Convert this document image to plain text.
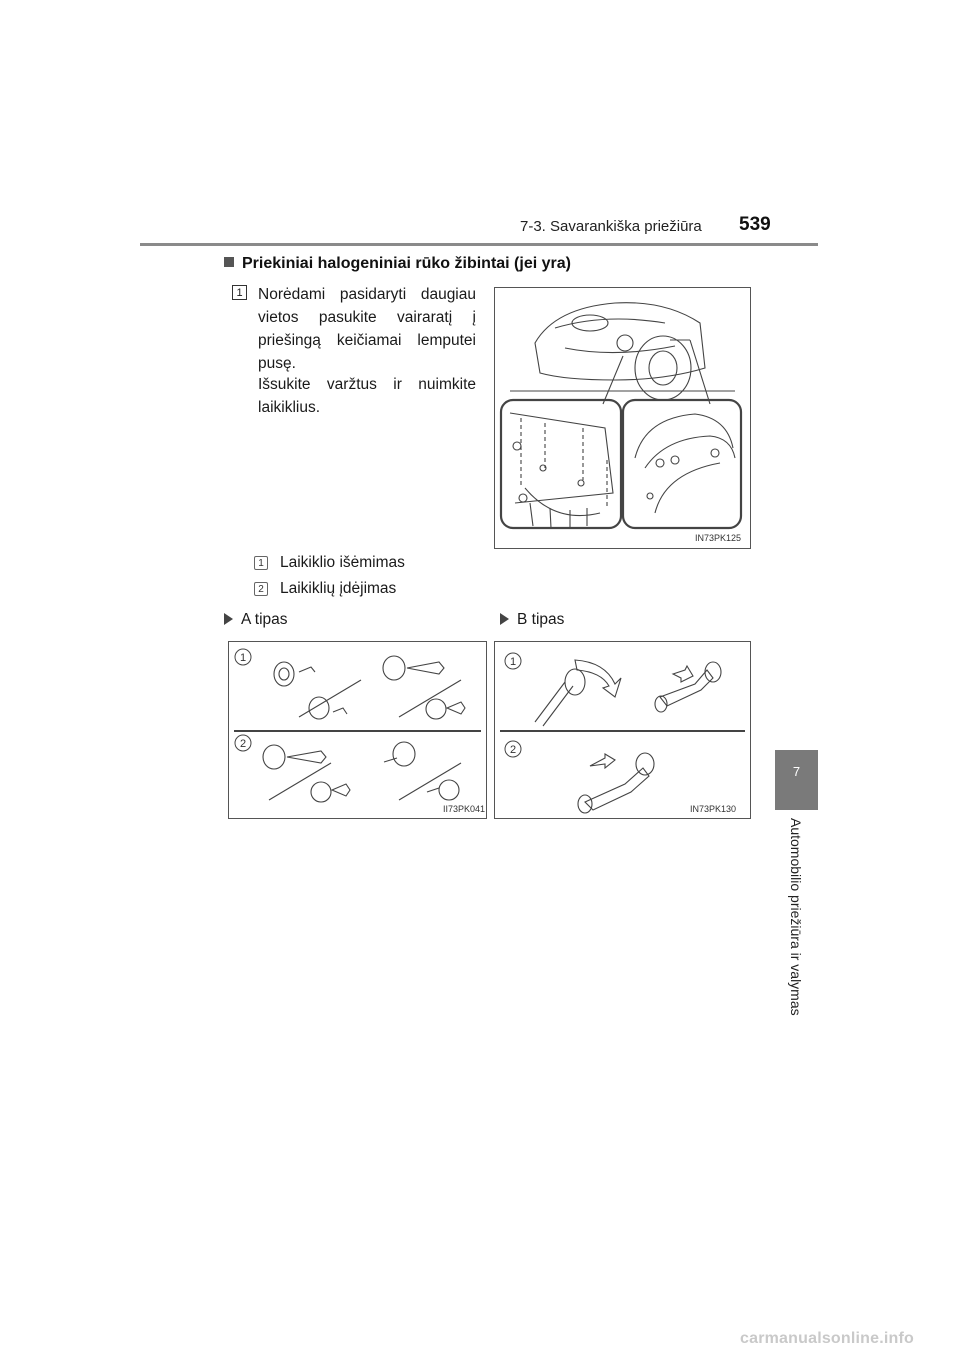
7-3. Savarankiška priežiūra 539
7
Automobilio priežiūra ir valymas
Priekiniai halogeniniai rūko žibintai (jei yra)
1 Norėdami pasidaryti daugiau vietos pasukite vairaratį į priešingą keičiamai lemputei pusę.
Išsukite varžtus ir nuimkite laikiklius.
IN73PK125
1 Laikiklio išėmimas
2 Laikiklių įdėjimas
A tipas	B tipas
1
2
II73PK041
1
2
IN73PK130
carmanualsonline.info
